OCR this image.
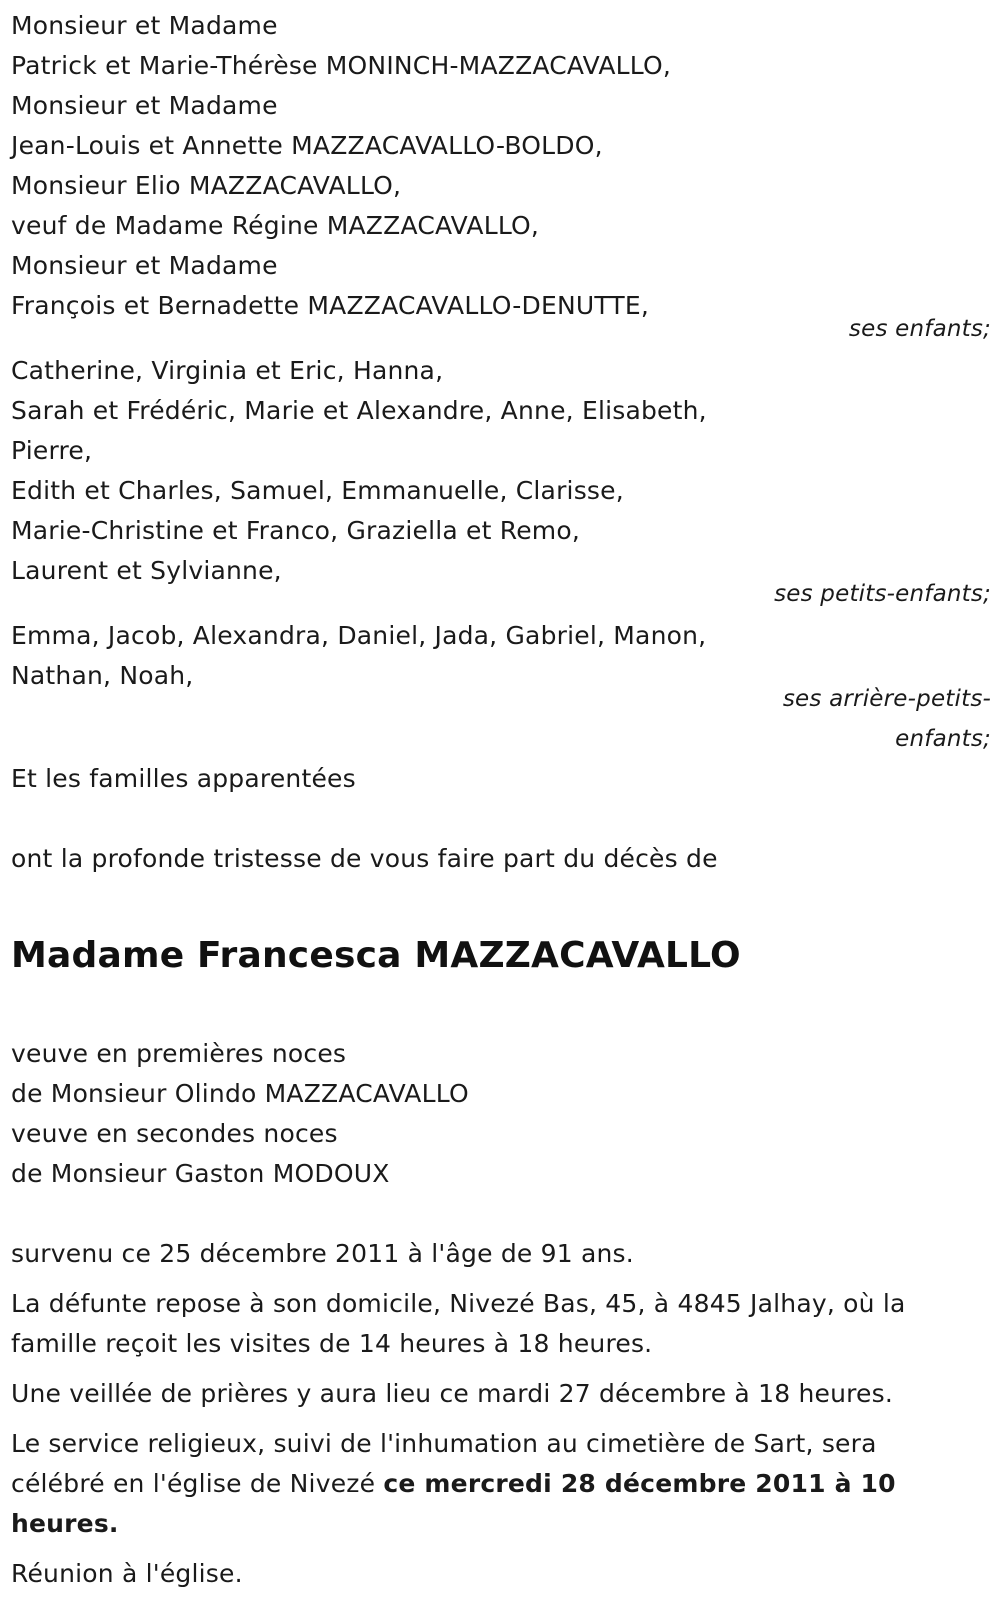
Monsieur et Madame
Patrick et Marie-Thérèse MONINCH-MAZZACAVALLO,
Monsieur et Madame
Jean-Louis et Annette MAZZACAVALLO-BOLDO,
Monsieur Elio MAZZACAVALLO,
veuf de Madame Régine MAZZACAVALLO,
Monsieur et Madame
François et Bernadette MAZZACAVALLO-DENUTTE,
ses enfants;
Catherine, Virginia et Eric, Hanna,
Sarah et Frédéric, Marie et Alexandre, Anne, Elisabeth,
Pierre,
Edith et Charles, Samuel, Emmanuelle, Clarisse,
Marie-Christine et Franco, Graziella et Remo,
Laurent et Sylvianne,
ses petits-enfants;
Emma, Jacob, Alexandra, Daniel, Jada, Gabriel, Manon,
Nathan, Noah,
ses arrière-petits-
enfants;
Et les familles apparentées
ont la profonde tristesse de vous faire part du décès de
Madame Francesca MAZZACAVALLO
veuve en premières noces
de Monsieur Olindo MAZZACAVALLO
veuve en secondes noces
de Monsieur Gaston MODOUX

survenu ce 25 décembre 2011 à l'âge de 91 ans.

La défunte repose à son domicile, Nivezé Bas, 45, à 4845 Jalhay, où la
famille reçoit les visites de 14 heures à 18 heures.

Une veillée de prières y aura lieu ce mardi 27 décembre à 18 heures.

Le service religieux, suivi de l'inhumation au cimetière de Sart, sera
célébré en l'église de Nivezé ce mercredi 28 décembre 2011 à 10 heures.

Réunion à l'église.
